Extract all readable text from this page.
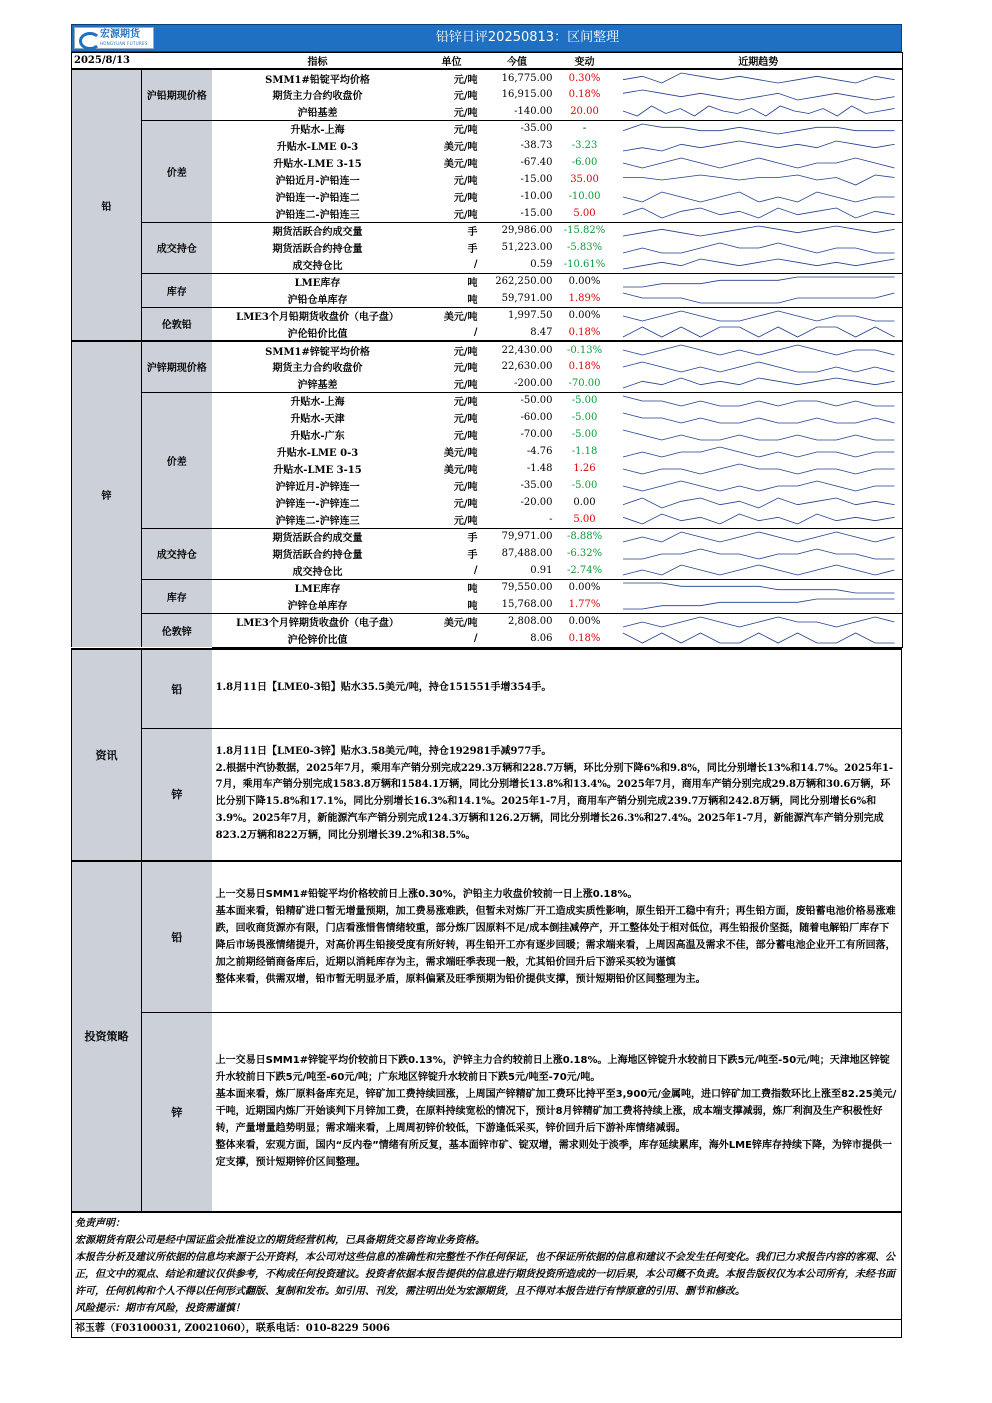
宏源期货
HONGYUAN FUTURES	铅锌日评20250813：区间整理
2025/8/13		指标	单位	今值	变动	近期趋势
铅	沪铅期现价格	SMM1#铅锭平均价格	元/吨	16,775.00	0.30%	

		期货主力合约收盘价	元/吨	16,915.00	0.18%	

		沪铅基差	元/吨	-140.00	20.00	

	价差	升贴水-上海	元/吨	-35.00	-	

		升贴水-LME 0-3	美元/吨	-38.73	-3.23	

		升贴水-LME 3-15	美元/吨	-67.40	-6.00	

		沪铅近月-沪铅连一	元/吨	-15.00	35.00	

		沪铅连一-沪铅连二	元/吨	-10.00	-10.00	

		沪铅连二-沪铅连三	元/吨	-15.00	5.00	

	成交持仓	期货活跃合约成交量	手	29,986.00	-15.82%	

		期货活跃合约持仓量	手	51,223.00	-5.83%	

		成交持仓比	/	0.59	-10.61%	

	库存	LME库存	吨	262,250.00	0.00%	

		沪铅仓单库存	吨	59,791.00	1.89%	

	伦敦铅	LME3个月铅期货收盘价（电子盘）	美元/吨	1,997.50	0.00%	

		沪伦铅价比值	/	8.47	0.18%	

锌	沪锌期现价格	SMM1#锌锭平均价格	元/吨	22,430.00	-0.13%	

		期货主力合约收盘价	元/吨	22,630.00	0.18%	

		沪锌基差	元/吨	-200.00	-70.00	

	价差	升贴水-上海	元/吨	-50.00	-5.00	

		升贴水-天津	元/吨	-60.00	-5.00	

		升贴水-广东	元/吨	-70.00	-5.00	

		升贴水-LME 0-3	美元/吨	-4.76	-1.18	

		升贴水-LME 3-15	美元/吨	-1.48	1.26	

		沪锌近月-沪锌连一	元/吨	-35.00	-5.00	

		沪锌连一-沪锌连二	元/吨	-20.00	0.00	

		沪锌连二-沪锌连三	元/吨	-	5.00	

	成交持仓	期货活跃合约成交量	手	79,971.00	-8.88%	

		期货活跃合约持仓量	手	87,488.00	-6.32%	

		成交持仓比	/	0.91	-2.74%	

	库存	LME库存	吨	79,550.00	0.00%	

		沪锌仓单库存	吨	15,768.00	1.77%	

	伦敦锌	LME3个月锌期货收盘价（电子盘）	美元/吨	2,808.00	0.00%	

		沪伦锌价比值	/	8.06	0.18%	
资讯	铅	1.8月11日【LME0-3铅】贴水35.5美元/吨，持仓151551手增354手。
	锌	1.8月11日【LME0-3锌】贴水3.58美元/吨，持仓192981手减977手。
2.根据中汽协数据，2025年7月，乘用车产销分别完成229.3万辆和228.7万辆，环比分别下降6%和9.8%，同比分别增长13%和14.7%。2025年1-7月，乘用车产销分别完成1583.8万辆和1584.1万辆，同比分别增长13.8%和13.4%。2025年7月，商用车产销分别完成29.8万辆和30.6万辆，环比分别下降15.8%和17.1%，同比分别增长16.3%和14.1%。2025年1-7月，商用车产销分别完成239.7万辆和242.8万辆，同比分别增长6%和3.9%。2025年7月，新能源汽车产销分别完成124.3万辆和126.2万辆，同比分别增长26.3%和27.4%。2025年1-7月，新能源汽车产销分别完成823.2万辆和822万辆，同比分别增长39.2%和38.5%。
投资策略	铅	上一交易日SMM1#铅锭平均价格较前日上涨0.30%，沪铅主力收盘价较前一日上涨0.18%。
基本面来看，铅精矿进口暂无增量预期，加工费易涨难跌，但暂未对炼厂开工造成实质性影响，原生铅开工稳中有升；再生铅方面，废铅蓄电池价格易涨难跌，回收商货源亦有限，门店看涨惜售情绪较重，部分炼厂因原料不足/成本倒挂减停产，开工整体处于相对低位，再生铅报价坚挺，随着电解铅厂库存下降后市场畏涨情绪提升，对高价再生铅接受度有所好转，再生铅开工亦有逐步回暖；需求端来看，上周因高温及需求不佳，部分蓄电池企业开工有所回落，加之前期经销商备库后，近期以消耗库存为主，需求端旺季表现一般，尤其铅价回升后下游采买较为谨慎
整体来看，供需双增，铅市暂无明显矛盾，原料偏紧及旺季预期为铅价提供支撑，预计短期铅价区间整理为主。
	锌	上一交易日SMM1#锌锭平均价较前日下跌0.13%，沪锌主力合约较前日上涨0.18%。上海地区锌锭升水较前日下跌5元/吨至-50元/吨；天津地区锌锭升水较前日下跌5元/吨至-60元/吨；广东地区锌锭升水较前日下跌5元/吨至-70元/吨。
基本面来看，炼厂原料备库充足，锌矿加工费持续回涨，上周国产锌精矿加工费环比持平至3,900元/金属吨，进口锌矿加工费指数环比上涨至82.25美元/干吨，近期国内炼厂开始谈判下月锌加工费，在原料持续宽松的情况下，预计8月锌精矿加工费将持续上涨，成本端支撑减弱，炼厂利润及生产积极性好转，产量增量趋势明显；需求端来看，上周周初锌价较低，下游逢低采买，锌价回升后下游补库情绪减弱。
整体来看，宏观方面，国内“反内卷”情绪有所反复，基本面锌市矿、锭双增，需求则处于淡季，库存延续累库，海外LME锌库存持续下降，为锌市提供一定支撑，预计短期锌价区间整理。
免责声明：
宏源期货有限公司是经中国证监会批准设立的期货经营机构，已具备期货交易咨询业务资格。
本报告分析及建议所依据的信息均来源于公开资料，本公司对这些信息的准确性和完整性不作任何保证，也不保证所依据的信息和建议不会发生任何变化。我们已力求报告内容的客观、公正，但文中的观点、结论和建议仅供参考，不构成任何投资建议。投资者依据本报告提供的信息进行期货投资所造成的一切后果，本公司概不负责。本报告版权仅为本公司所有，未经书面许可，任何机构和个人不得以任何形式翻版、复制和发布。如引用、刊发，需注明出处为宏源期货，且不得对本报告进行有悖原意的引用、删节和修改。
风险提示：期市有风险，投资需谨慎！
祁玉蓉（F03100031, Z0021060），联系电话：010-8229 5006
